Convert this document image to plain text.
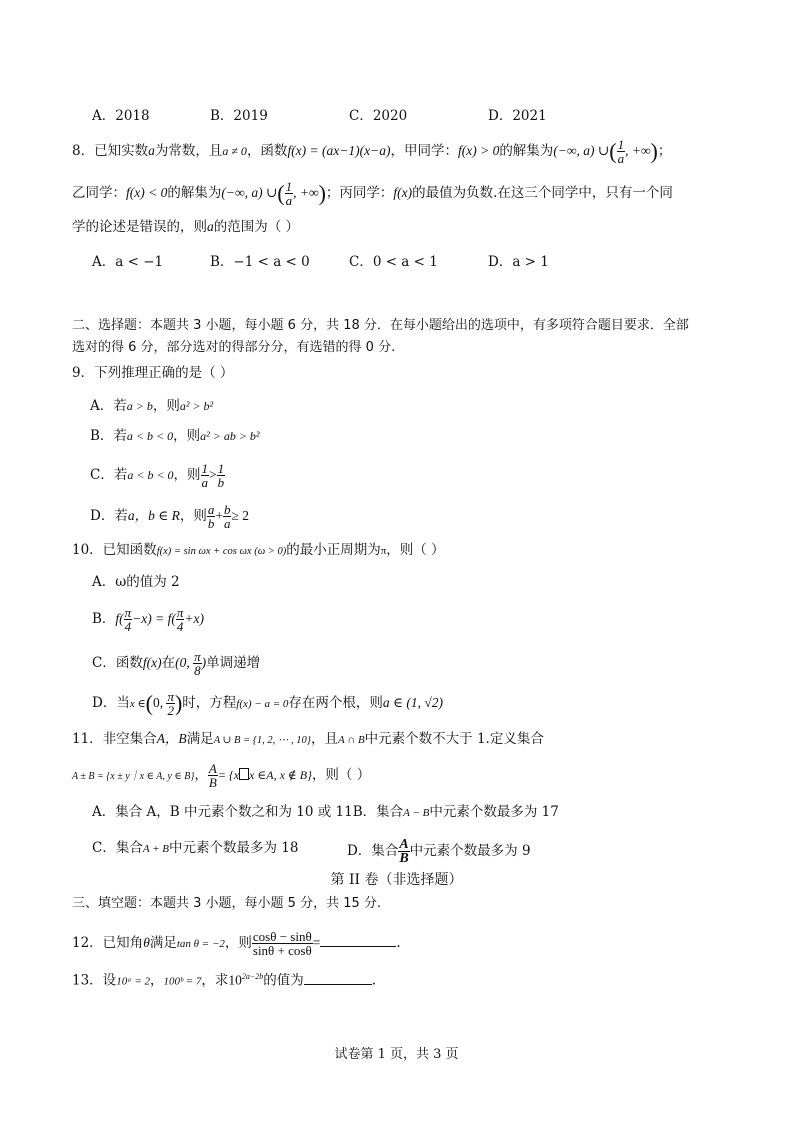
A．2018	B．2019	C．2020	D．2021
8．已知实数a为常数，且a ≠ 0，函数f(x) = (ax−1)(x−a)，甲同学：f(x) > 0的解集为(−∞, a) ∪( $\frac{1}{a}$ , +∞)；
乙同学：f(x) < 0的解集为(−∞, a) ∪( $\frac{1}{a}$ , +∞)；丙同学：f(x)的最值为负数.在这三个同学中，只有一个同
学的论述是错误的，则a的范围为（ ）
A．a < −1	B．−1 < a < 0	C．0 < a < 1	D．a > 1
二、选择题：本题共 3 小题，每小题 6 分，共 18 分．在每小题给出的选项中，有多项符合题目要求．全部
选对的得 6 分，部分选对的得部分分，有选错的得 0 分.
9．下列推理正确的是（ ）
A．若a > b，则a² > b²
B．若a < b < 0，则a² > ab > b²
C．若a < b < 0，则 $\frac{1}{a} > \frac{1}{b}$
D．若a，b ∈ R，则 $\frac{a}{b} + \frac{b}{a} \ge 2$
10．已知函数f(x) = sin ωx + cos ωx (ω > 0)的最小正周期为π，则（ ）
A．ω的值为 2
B．$f( \frac{\pi}{4} -x) = f( \frac{\pi}{4} +x)$
C．函数f(x)在(0, $\frac{\pi}{8}$ )单调递增
D．当x ∈(0, $\frac{\pi}{2}$ )时，方程f(x) − a = 0存在两个根，则a ∈ (1, √2)
11．非空集合A，B满足A ∪ B = {1, 2, ⋯ , 10}，且A ∩ B中元素个数不大于 1.定义集合
A ± B = {x ± y｜x ∈ A, y ∈ B}， $\frac{A}{B} = \{x$ x ∈A, x ∉ B}，则（ ）
A．集合 A，B 中元素个数之和为 10 或 11B．集合A − B中元素个数最多为 17
C．集合A + B中元素个数最多为 18	D．集合 $\frac{A}{B}$ 中元素个数最多为 9
第 II 卷（非选择题）
三、填空题：本题共 3 小题，每小题 5 分，共 15 分.
12．已知角θ满足tan θ = −2，则 $\frac{\cos\theta - \sin\theta}{\sin\theta + \cos\theta}$ =	.
13．设10ᵃ = 2，100ᵇ = 7，求$10^{2a-2b}$的值为	.
试卷第 1 页，共 3 页
